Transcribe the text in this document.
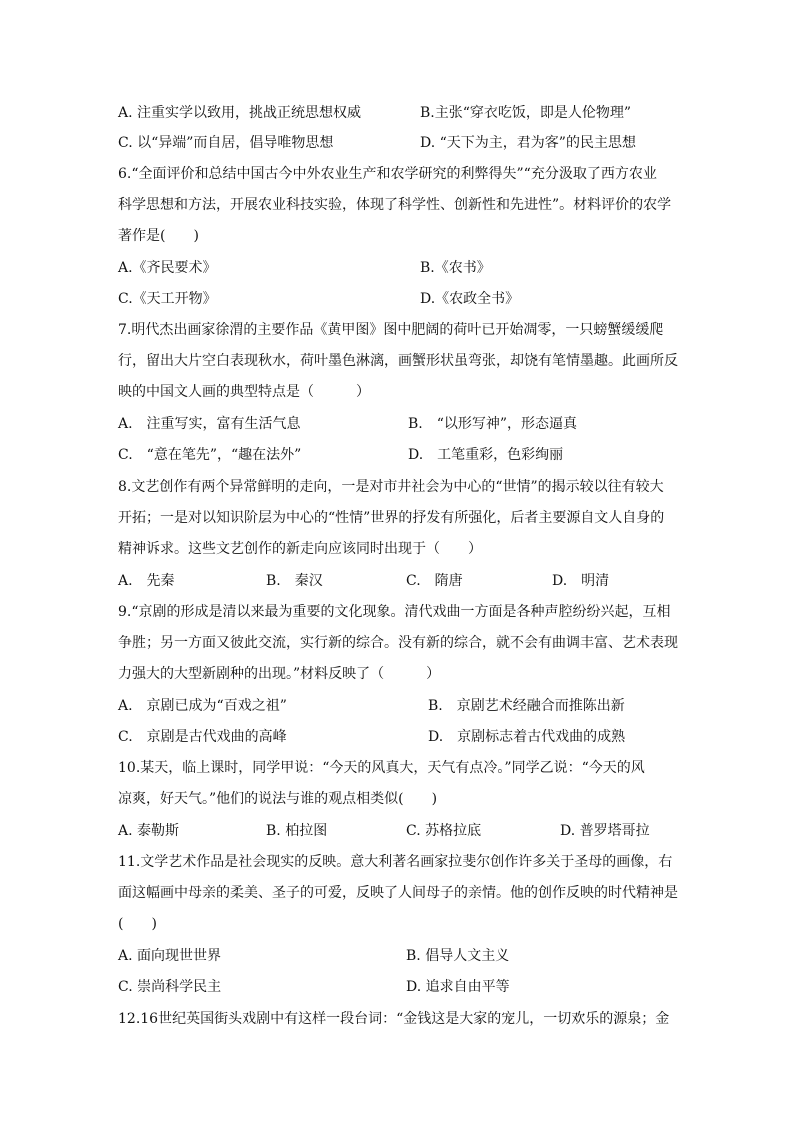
A. 注重实学以致用，挑战正统思想权威	B.主张“穿衣吃饭，即是人伦物理”
C. 以“异端”而自居，倡导唯物思想	D. “天下为主，君为客”的民主思想
6.“全面评价和总结中国古今中外农业生产和农学研究的利弊得失”“充分汲取了西方农业
科学思想和方法，开展农业科技实验，体现了科学性、创新性和先进性”。材料评价的农学
著作是(　　)
A.《齐民要术》	B.《农书》
C.《天工开物》	D.《农政全书》
7.明代杰出画家徐渭的主要作品《黄甲图》图中肥阔的荷叶已开始凋零，一只螃蟹缓缓爬
行，留出大片空白表现秋水，荷叶墨色淋漓，画蟹形状虽弯张，却饶有笔情墨趣。此画所反
映的中国文人画的典型特点是（　　　）
A.　注重写实，富有生活气息	B.　“以形写神”，形态逼真
C.　“意在笔先”，“趣在法外”	D.　工笔重彩，色彩绚丽
8.文艺创作有两个异常鲜明的走向，一是对市井社会为中心的“世情”的揭示较以往有较大
开拓；一是对以知识阶层为中心的“性情”世界的抒发有所强化，后者主要源自文人自身的
精神诉求。这些文艺创作的新走向应该同时出现于（　　）
A.　先秦	B.　秦汉	C.　隋唐	D.　明清
9.“京剧的形成是清以来最为重要的文化现象。清代戏曲一方面是各种声腔纷纷兴起，互相
争胜；另一方面又彼此交流，实行新的综合。没有新的综合，就不会有曲调丰富、艺术表现
力强大的大型新剧种的出现。”材料反映了（　　　）
A.　京剧已成为“百戏之祖”	B.　京剧艺术经融合而推陈出新
C.　京剧是古代戏曲的高峰	D.　京剧标志着古代戏曲的成熟
10.某天，临上课时，同学甲说：“今天的风真大，天气有点冷。”同学乙说：“今天的风
凉爽，好天气。”他们的说法与谁的观点相类似(　　)
A. 泰勒斯	B. 柏拉图	C. 苏格拉底	D. 普罗塔哥拉
11.文学艺术作品是社会现实的反映。意大利著名画家拉斐尔创作许多关于圣母的画像，右
面这幅画中母亲的柔美、圣子的可爱，反映了人间母子的亲情。他的创作反映的时代精神是
(　　)
A. 面向现世世界	B. 倡导人文主义
C. 崇尚科学民主	D. 追求自由平等
12.16世纪英国街头戏剧中有这样一段台词：“金钱这是大家的宠儿，一切欢乐的源泉；金
